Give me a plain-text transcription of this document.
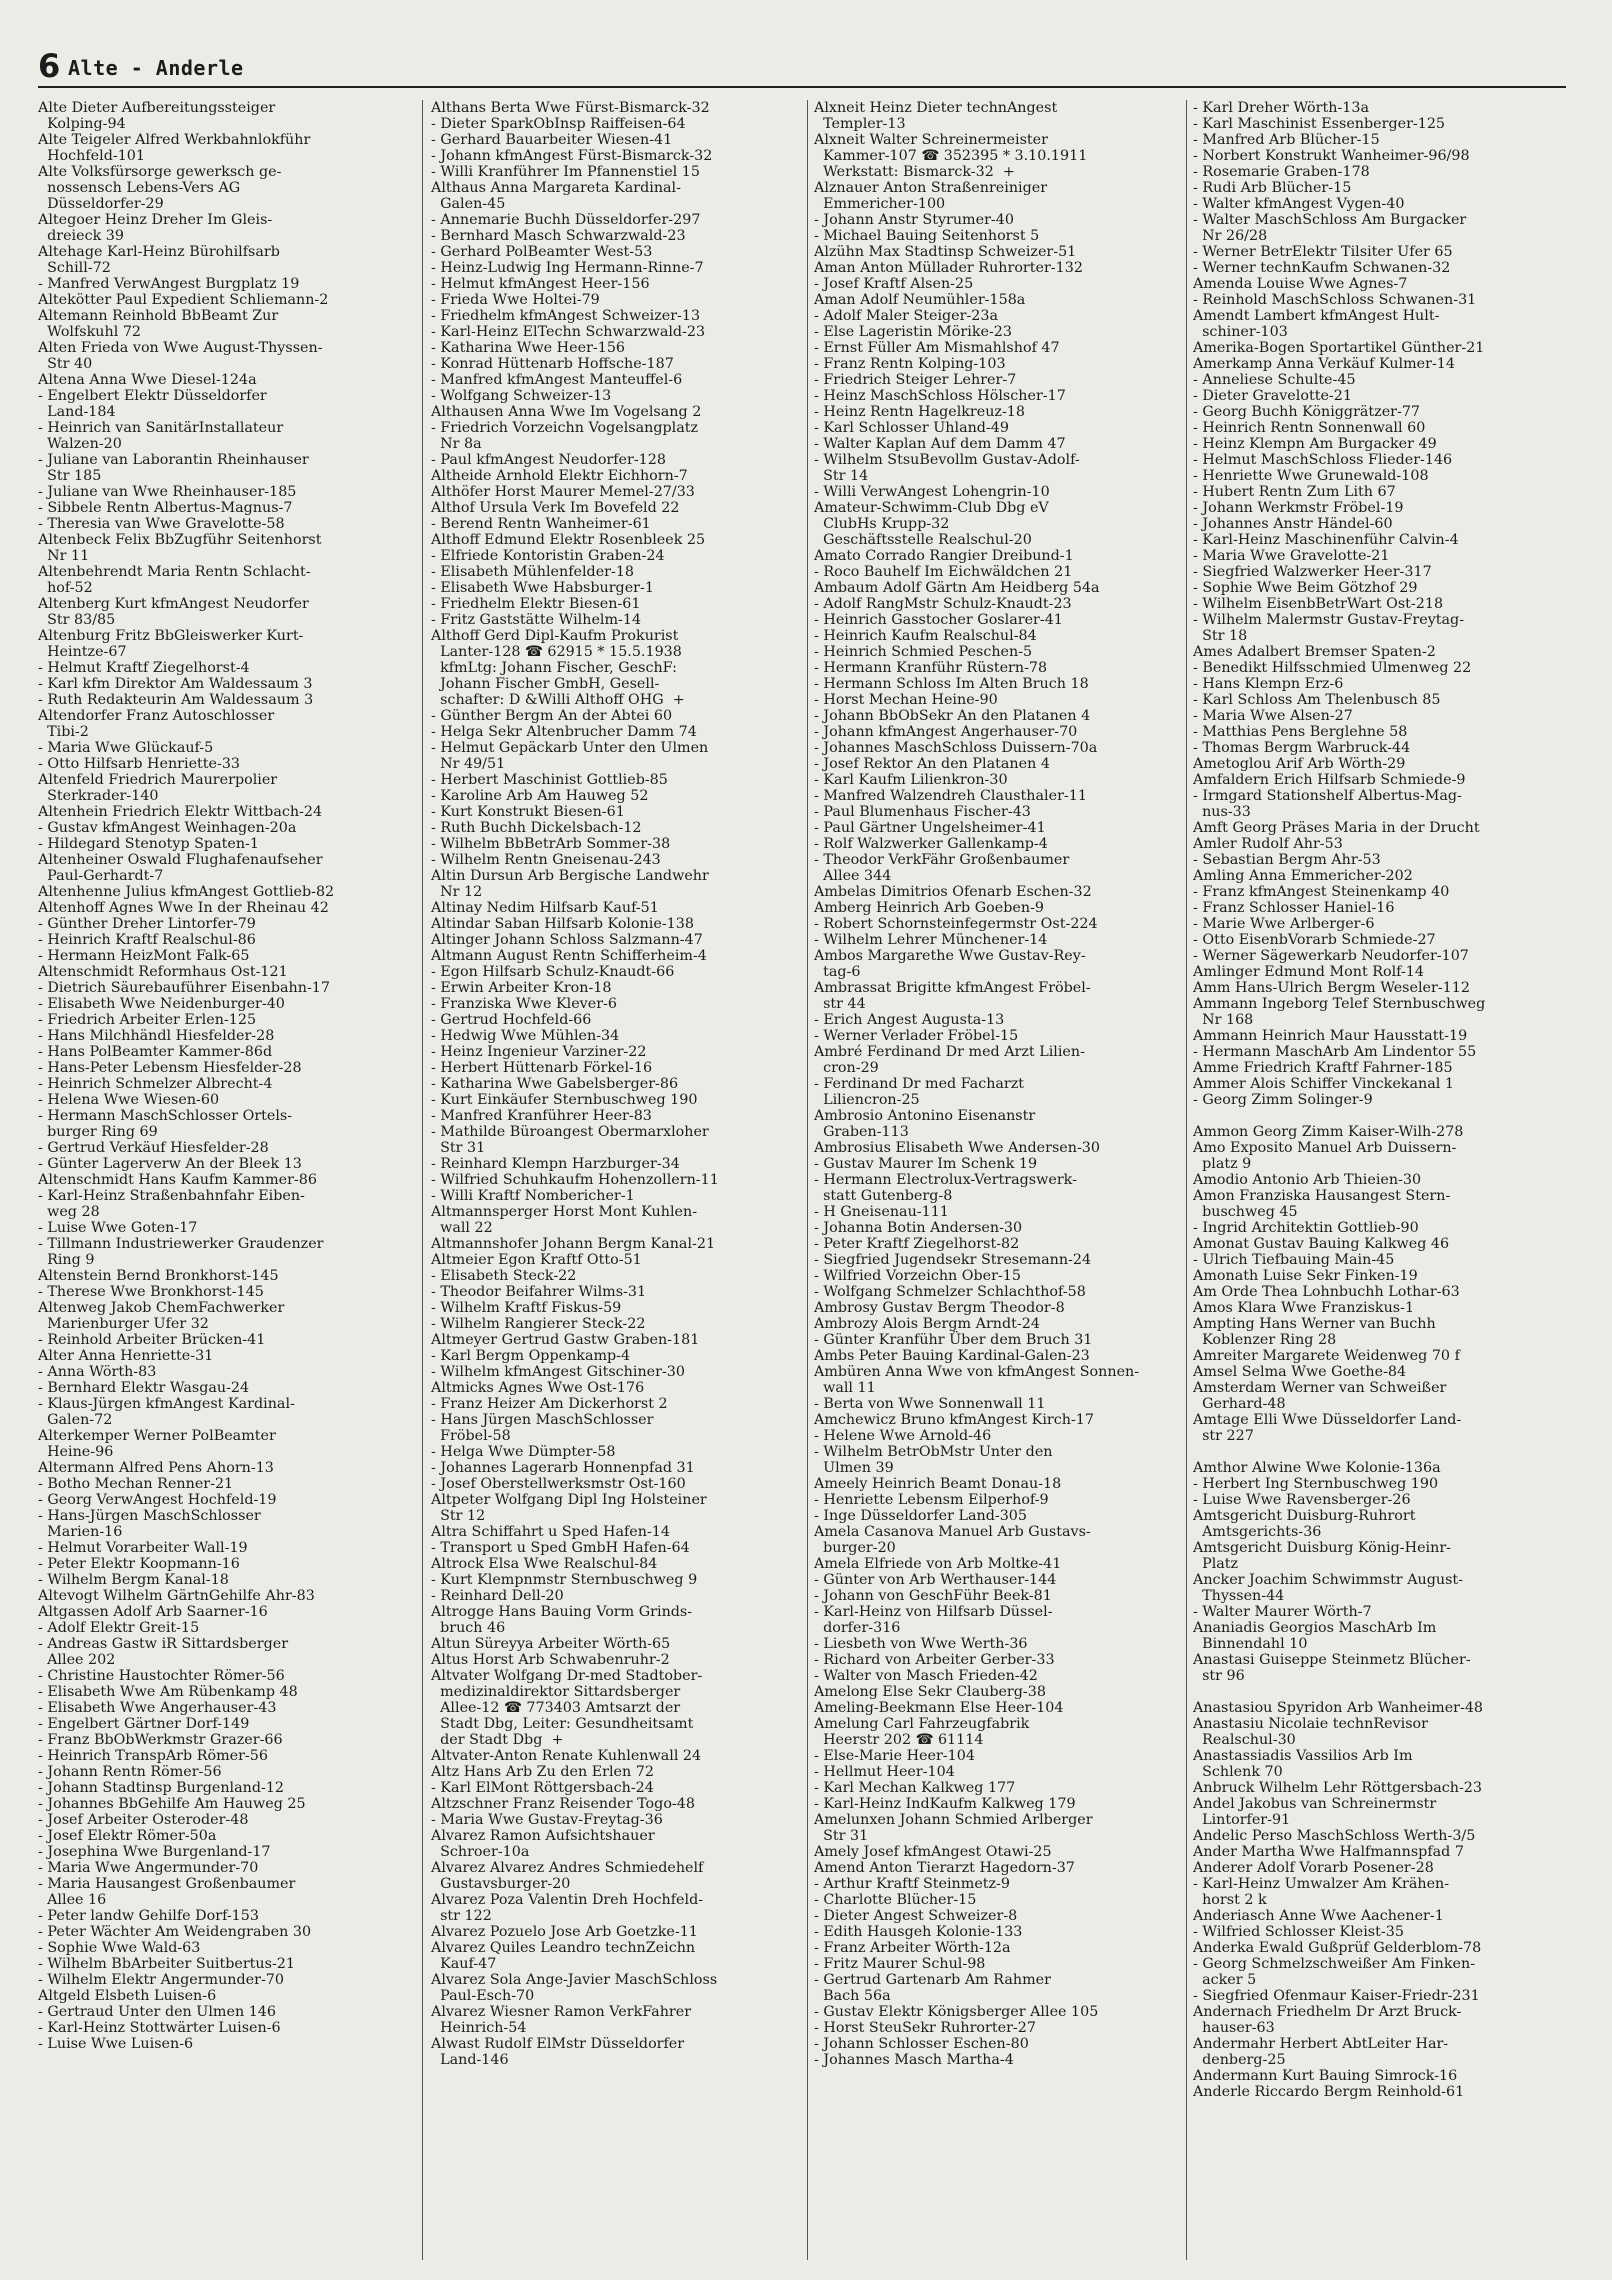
6 Alte - Anderle

Alte Dieter Aufbereitungssteiger
Kolping-94

Alte Teigeler Alfred Werkbahnlokführ
Hochfeld-101

Alte Volksfürsorge gewerksch ge-
nossensch Lebens-Vers AG
Düsseldorfer-29

Altegoer Heinz Dreher Im Gleis-
dreieck 39

Altehage Karl-Heinz Bürohilfsarb
Schill-72

- Manfred VerwAngest Burgplatz 19

Altekötter Paul Expedient Schliemann-2

Altemann Reinhold BbBeamt Zur
Wolfskuhl 72

Alten Frieda von Wwe August-Thyssen-
Str 40

Altena Anna Wwe Diesel-124a

- Engelbert Elektr Düsseldorfer
Land-184

- Heinrich van SanitärInstallateur
Walzen-20

- Juliane van Laborantin Rheinhauser
Str 185

- Juliane van Wwe Rheinhauser-185

- Sibbele Rentn Albertus-Magnus-7

- Theresia van Wwe Gravelotte-58

Altenbeck Felix BbZugführ Seitenhorst
Nr 11

Altenbehrendt Maria Rentn Schlacht-
hof-52

Altenberg Kurt kfmAngest Neudorfer
Str 83/85

Altenburg Fritz BbGleiswerker Kurt-
Heintze-67

- Helmut Kraftf Ziegelhorst-4

- Karl kfm Direktor Am Waldessaum 3

- Ruth Redakteurin Am Waldessaum 3

Altendorfer Franz Autoschlosser
Tibi-2

- Maria Wwe Glückauf-5

- Otto Hilfsarb Henriette-33

Altenfeld Friedrich Maurerpolier
Sterkrader-140

Altenhein Friedrich Elektr Wittbach-24

- Gustav kfmAngest Weinhagen-20a

- Hildegard Stenotyp Spaten-1

Altenheiner Oswald Flughafenaufseher
Paul-Gerhardt-7

Altenhenne Julius kfmAngest Gottlieb-82

Altenhoff Agnes Wwe In der Rheinau 42

- Günther Dreher Lintorfer-79

- Heinrich Kraftf Realschul-86

- Hermann HeizMont Falk-65

Altenschmidt Reformhaus Ost-121

- Dietrich Säurebauführer Eisenbahn-17

- Elisabeth Wwe Neidenburger-40

- Friedrich Arbeiter Erlen-125

- Hans Milchhändl Hiesfelder-28

- Hans PolBeamter Kammer-86d

- Hans-Peter Lebensm Hiesfelder-28

- Heinrich Schmelzer Albrecht-4

- Helena Wwe Wiesen-60

- Hermann MaschSchlosser Ortels-
burger Ring 69

- Gertrud Verkäuf Hiesfelder-28

- Günter Lagerverw An der Bleek 13

Altenschmidt Hans Kaufm Kammer-86

- Karl-Heinz Straßenbahnfahr Eiben-
weg 28

- Luise Wwe Goten-17

- Tillmann Industriewerker Graudenzer
Ring 9

Altenstein Bernd Bronkhorst-145

- Therese Wwe Bronkhorst-145

Altenweg Jakob ChemFachwerker
Marienburger Ufer 32

- Reinhold Arbeiter Brücken-41

Alter Anna Henriette-31

- Anna Wörth-83

- Bernhard Elektr Wasgau-24

- Klaus-Jürgen kfmAngest Kardinal-
Galen-72

Alterkemper Werner PolBeamter
Heine-96

Altermann Alfred Pens Ahorn-13

- Botho Mechan Renner-21

- Georg VerwAngest Hochfeld-19

- Hans-Jürgen MaschSchlosser
Marien-16

- Helmut Vorarbeiter Wall-19

- Peter Elektr Koopmann-16

- Wilhelm Bergm Kanal-18

Altevogt Wilhelm GärtnGehilfe Ahr-83

Altgassen Adolf Arb Saarner-16

- Adolf Elektr Greit-15

- Andreas Gastw iR Sittardsberger
Allee 202

- Christine Haustochter Römer-56

- Elisabeth Wwe Am Rübenkamp 48

- Elisabeth Wwe Angerhauser-43

- Engelbert Gärtner Dorf-149

- Franz BbObWerkmstr Grazer-66

- Heinrich TranspArb Römer-56

- Johann Rentn Römer-56

- Johann Stadtinsp Burgenland-12

- Johannes BbGehilfe Am Hauweg 25

- Josef Arbeiter Osteroder-48

- Josef Elektr Römer-50a

- Josephina Wwe Burgenland-17

- Maria Wwe Angermunder-70

- Maria Hausangest Großenbaumer
Allee 16

- Peter landw Gehilfe Dorf-153

- Peter Wächter Am Weidengraben 30

- Sophie Wwe Wald-63

- Wilhelm BbArbeiter Suitbertus-21

- Wilhelm Elektr Angermunder-70

Altgeld Elsbeth Luisen-6

- Gertraud Unter den Ulmen 146

- Karl-Heinz Stottwärter Luisen-6

- Luise Wwe Luisen-6

Althans Berta Wwe Fürst-Bismarck-32

- Dieter SparkObInsp Raiffeisen-64

- Gerhard Bauarbeiter Wiesen-41

- Johann kfmAngest Fürst-Bismarck-32

- Willi Kranführer Im Pfannenstiel 15

Althaus Anna Margareta Kardinal-
Galen-45

- Annemarie Buchh Düsseldorfer-297

- Bernhard Masch Schwarzwald-23

- Gerhard PolBeamter West-53

- Heinz-Ludwig Ing Hermann-Rinne-7

- Helmut kfmAngest Heer-156

- Frieda Wwe Holtei-79

- Friedhelm kfmAngest Schweizer-13

- Karl-Heinz ElTechn Schwarzwald-23

- Katharina Wwe Heer-156

- Konrad Hüttenarb Hoffsche-187

- Manfred kfmAngest Manteuffel-6

- Wolfgang Schweizer-13

Althausen Anna Wwe Im Vogelsang 2

- Friedrich Vorzeichn Vogelsangplatz
Nr 8a

- Paul kfmAngest Neudorfer-128

Altheide Arnhold Elektr Eichhorn-7

Althöfer Horst Maurer Memel-27/33

Althof Ursula Verk Im Bovefeld 22

- Berend Rentn Wanheimer-61

Althoff Edmund Elektr Rosenbleek 25

- Elfriede Kontoristin Graben-24

- Elisabeth Mühlenfelder-18

- Elisabeth Wwe Habsburger-1

- Friedhelm Elektr Biesen-61

- Fritz Gaststätte Wilhelm-14

Althoff Gerd Dipl-Kaufm Prokurist
Lanter-128 ☎ 62915 * 15.5.1938
kfmLtg: Johann Fischer, GeschF:
Johann Fischer GmbH, Gesell-
schafter: D &Willi Althoff OHG  +

- Günther Bergm An der Abtei 60

- Helga Sekr Altenbrucher Damm 74

- Helmut Gepäckarb Unter den Ulmen
Nr 49/51

- Herbert Maschinist Gottlieb-85

- Karoline Arb Am Hauweg 52

- Kurt Konstrukt Biesen-61

- Ruth Buchh Dickelsbach-12

- Wilhelm BbBetrArb Sommer-38

- Wilhelm Rentn Gneisenau-243

Altin Dursun Arb Bergische Landwehr
Nr 12

Altinay Nedim Hilfsarb Kauf-51

Altindar Saban Hilfsarb Kolonie-138

Altinger Johann Schloss Salzmann-47

Altmann August Rentn Schifferheim-4

- Egon Hilfsarb Schulz-Knaudt-66

- Erwin Arbeiter Kron-18

- Franziska Wwe Klever-6

- Gertrud Hochfeld-66

- Hedwig Wwe Mühlen-34

- Heinz Ingenieur Varziner-22

- Herbert Hüttenarb Förkel-16

- Katharina Wwe Gabelsberger-86

- Kurt Einkäufer Sternbuschweg 190

- Manfred Kranführer Heer-83

- Mathilde Büroangest Obermarxloher
Str 31

- Reinhard Klempn Harzburger-34

- Wilfried Schuhkaufm Hohenzollern-11

- Willi Kraftf Nombericher-1

Altmannsperger Horst Mont Kuhlen-
wall 22

Altmannshofer Johann Bergm Kanal-21

Altmeier Egon Kraftf Otto-51

- Elisabeth Steck-22

- Theodor Beifahrer Wilms-31

- Wilhelm Kraftf Fiskus-59

- Wilhelm Rangierer Steck-22

Altmeyer Gertrud Gastw Graben-181

- Karl Bergm Oppenkamp-4

- Wilhelm kfmAngest Gitschiner-30

Altmicks Agnes Wwe Ost-176

- Franz Heizer Am Dickerhorst 2

- Hans Jürgen MaschSchlosser
Fröbel-58

- Helga Wwe Dümpter-58

- Johannes Lagerarb Honnenpfad 31

- Josef Oberstellwerksmstr Ost-160

Altpeter Wolfgang Dipl Ing Holsteiner
Str 12

Altra Schiffahrt u Sped Hafen-14

- Transport u Sped GmbH Hafen-64

Altrock Elsa Wwe Realschul-84

- Kurt Klempnmstr Sternbuschweg 9

- Reinhard Dell-20

Altrogge Hans Bauing Vorm Grinds-
bruch 46

Altun Süreyya Arbeiter Wörth-65

Altus Horst Arb Schwabenruhr-2

Altvater Wolfgang Dr-med Stadtober-
medizinaldirektor Sittardsberger
Allee-12 ☎ 773403 Amtsarzt der
Stadt Dbg, Leiter: Gesundheitsamt
der Stadt Dbg  +

Altvater-Anton Renate Kuhlenwall 24

Altz Hans Arb Zu den Erlen 72

- Karl ElMont Röttgersbach-24

Altzschner Franz Reisender Togo-48

- Maria Wwe Gustav-Freytag-36

Alvarez Ramon Aufsichtshauer
Schroer-10a

Alvarez Alvarez Andres Schmiedehelf
Gustavsburger-20

Alvarez Poza Valentin Dreh Hochfeld-
str 122

Alvarez Pozuelo Jose Arb Goetzke-11

Alvarez Quiles Leandro technZeichn
Kauf-47

Alvarez Sola Ange-Javier MaschSchloss
Paul-Esch-70

Alvarez Wiesner Ramon VerkFahrer
Heinrich-54

Alwast Rudolf ElMstr Düsseldorfer
Land-146

Alxneit Heinz Dieter technAngest
Templer-13

Alxneit Walter Schreinermeister
Kammer-107 ☎ 352395 * 3.10.1911
Werkstatt: Bismarck-32  +

Alznauer Anton Straßenreiniger
Emmericher-100

- Johann Anstr Styrumer-40

- Michael Bauing Seitenhorst 5

Alzühn Max Stadtinsp Schweizer-51

Aman Anton Müllader Ruhrorter-132

- Josef Kraftf Alsen-25

Aman Adolf Neumühler-158a

- Adolf Maler Steiger-23a

- Else Lageristin Mörike-23

- Ernst Füller Am Mismahlshof 47

- Franz Rentn Kolping-103

- Friedrich Steiger Lehrer-7

- Heinz MaschSchloss Hölscher-17

- Heinz Rentn Hagelkreuz-18

- Karl Schlosser Uhland-49

- Walter Kaplan Auf dem Damm 47

- Wilhelm StsuBevollm Gustav-Adolf-
Str 14

- Willi VerwAngest Lohengrin-10

Amateur-Schwimm-Club Dbg eV
ClubHs Krupp-32
Geschäftsstelle Realschul-20

Amato Corrado Rangier Dreibund-1

- Roco Bauhelf Im Eichwäldchen 21

Ambaum Adolf Gärtn Am Heidberg 54a

- Adolf RangMstr Schulz-Knaudt-23

- Heinrich Gasstocher Goslarer-41

- Heinrich Kaufm Realschul-84

- Heinrich Schmied Peschen-5

- Hermann Kranführ Rüstern-78

- Hermann Schloss Im Alten Bruch 18

- Horst Mechan Heine-90

- Johann BbObSekr An den Platanen 4

- Johann kfmAngest Angerhauser-70

- Johannes MaschSchloss Duissern-70a

- Josef Rektor An den Platanen 4

- Karl Kaufm Lilienkron-30

- Manfred Walzendreh Clausthaler-11

- Paul Blumenhaus Fischer-43

- Paul Gärtner Ungelsheimer-41

- Rolf Walzwerker Gallenkamp-4

- Theodor VerkFähr Großenbaumer
Allee 344

Ambelas Dimitrios Ofenarb Eschen-32

Amberg Heinrich Arb Goeben-9

- Robert Schornsteinfegermstr Ost-224

- Wilhelm Lehrer Münchener-14

Ambos Margarethe Wwe Gustav-Rey-
tag-6

Ambrassat Brigitte kfmAngest Fröbel-
str 44

- Erich Angest Augusta-13

- Werner Verlader Fröbel-15

Ambré Ferdinand Dr med Arzt Lilien-
cron-29

- Ferdinand Dr med Facharzt
Liliencron-25

Ambrosio Antonino Eisenanstr
Graben-113

Ambrosius Elisabeth Wwe Andersen-30

- Gustav Maurer Im Schenk 19

- Hermann Electrolux-Vertragswerk-
statt Gutenberg-8

- H Gneisenau-111

- Johanna Botin Andersen-30

- Peter Kraftf Ziegelhorst-82

- Siegfried Jugendsekr Stresemann-24

- Wilfried Vorzeichn Ober-15

- Wolfgang Schmelzer Schlachthof-58

Ambrosy Gustav Bergm Theodor-8

Ambrozy Alois Bergm Arndt-24

- Günter Kranführ Über dem Bruch 31

Ambs Peter Bauing Kardinal-Galen-23

Ambüren Anna Wwe von kfmAngest Sonnen-
wall 11

- Berta von Wwe Sonnenwall 11

Amchewicz Bruno kfmAngest Kirch-17

- Helene Wwe Arnold-46

- Wilhelm BetrObMstr Unter den
Ulmen 39

Ameely Heinrich Beamt Donau-18

- Henriette Lebensm Eilperhof-9

- Inge Düsseldorfer Land-305

Amela Casanova Manuel Arb Gustavs-
burger-20

Amela Elfriede von Arb Moltke-41

- Günter von Arb Werthauser-144

- Johann von GeschFühr Beek-81

- Karl-Heinz von Hilfsarb Düssel-
dorfer-316

- Liesbeth von Wwe Werth-36

- Richard von Arbeiter Gerber-33

- Walter von Masch Frieden-42

Amelong Else Sekr Clauberg-38

Ameling-Beekmann Else Heer-104

Amelung Carl Fahrzeugfabrik
Heerstr 202 ☎ 61114

- Else-Marie Heer-104

- Hellmut Heer-104

- Karl Mechan Kalkweg 177

- Karl-Heinz IndKaufm Kalkweg 179

Amelunxen Johann Schmied Arlberger
Str 31

Amely Josef kfmAngest Otawi-25

Amend Anton Tierarzt Hagedorn-37

- Arthur Kraftf Steinmetz-9

- Charlotte Blücher-15

- Dieter Angest Schweizer-8

- Edith Hausgeh Kolonie-133

- Franz Arbeiter Wörth-12a

- Fritz Maurer Schul-98

- Gertrud Gartenarb Am Rahmer
Bach 56a

- Gustav Elektr Königsberger Allee 105

- Horst SteuSekr Ruhrorter-27

- Johann Schlosser Eschen-80

- Johannes Masch Martha-4

- Karl Dreher Wörth-13a

- Karl Maschinist Essenberger-125

- Manfred Arb Blücher-15

- Norbert Konstrukt Wanheimer-96/98

- Rosemarie Graben-178

- Rudi Arb Blücher-15

- Walter kfmAngest Vygen-40

- Walter MaschSchloss Am Burgacker
Nr 26/28

- Werner BetrElektr Tilsiter Ufer 65

- Werner technKaufm Schwanen-32

Amenda Louise Wwe Agnes-7

- Reinhold MaschSchloss Schwanen-31

Amendt Lambert kfmAngest Hult-
schiner-103

Amerika-Bogen Sportartikel Günther-21

Amerkamp Anna Verkäuf Kulmer-14

- Anneliese Schulte-45

- Dieter Gravelotte-21

- Georg Buchh Königgrätzer-77

- Heinrich Rentn Sonnenwall 60

- Heinz Klempn Am Burgacker 49

- Helmut MaschSchloss Flieder-146

- Henriette Wwe Grunewald-108

- Hubert Rentn Zum Lith 67

- Johann Werkmstr Fröbel-19

- Johannes Anstr Händel-60

- Karl-Heinz Maschinenführ Calvin-4

- Maria Wwe Gravelotte-21

- Siegfried Walzwerker Heer-317

- Sophie Wwe Beim Götzhof 29

- Wilhelm EisenbBetrWart Ost-218

- Wilhelm Malermstr Gustav-Freytag-
Str 18

Ames Adalbert Bremser Spaten-2

- Benedikt Hilfsschmied Ulmenweg 22

- Hans Klempn Erz-6

- Karl Schloss Am Thelenbusch 85

- Maria Wwe Alsen-27

- Matthias Pens Berglehne 58

- Thomas Bergm Warbruck-44

Ametoglou Arif Arb Wörth-29

Amfaldern Erich Hilfsarb Schmiede-9

- Irmgard Stationshelf Albertus-Mag-
nus-33

Amft Georg Präses Maria in der Drucht

Amler Rudolf Ahr-53

- Sebastian Bergm Ahr-53

Amling Anna Emmericher-202

- Franz kfmAngest Steinenkamp 40

- Franz Schlosser Haniel-16

- Marie Wwe Arlberger-6

- Otto EisenbVorarb Schmiede-27

- Werner Sägewerkarb Neudorfer-107

Amlinger Edmund Mont Rolf-14

Amm Hans-Ulrich Bergm Weseler-112

Ammann Ingeborg Telef Sternbuschweg
Nr 168

Ammann Heinrich Maur Hausstatt-19

- Hermann MaschArb Am Lindentor 55

Amme Friedrich Kraftf Fahrner-185

Ammer Alois Schiffer Vinckekanal 1

- Georg Zimm Solinger-9

Ammon Georg Zimm Kaiser-Wilh-278

Amo Exposito Manuel Arb Duissern-
platz 9

Amodio Antonio Arb Thieien-30

Amon Franziska Hausangest Stern-
buschweg 45

- Ingrid Architektin Gottlieb-90

Amonat Gustav Bauing Kalkweg 46

- Ulrich Tiefbauing Main-45

Amonath Luise Sekr Finken-19

Am Orde Thea Lohnbuchh Lothar-63

Amos Klara Wwe Franziskus-1

Ampting Hans Werner van Buchh
Koblenzer Ring 28

Amreiter Margarete Weidenweg 70 f

Amsel Selma Wwe Goethe-84

Amsterdam Werner van Schweißer
Gerhard-48

Amtage Elli Wwe Düsseldorfer Land-
str 227

Amthor Alwine Wwe Kolonie-136a

- Herbert Ing Sternbuschweg 190

- Luise Wwe Ravensberger-26

Amtsgericht Duisburg-Ruhrort
Amtsgerichts-36

Amtsgericht Duisburg König-Heinr-
Platz

Ancker Joachim Schwimmstr August-
Thyssen-44

- Walter Maurer Wörth-7

Ananiadis Georgios MaschArb Im
Binnendahl 10

Anastasi Guiseppe Steinmetz Blücher-
str 96

Anastasiou Spyridon Arb Wanheimer-48

Anastasiu Nicolaie technRevisor
Realschul-30

Anastassiadis Vassilios Arb Im
Schlenk 70

Anbruck Wilhelm Lehr Röttgersbach-23

Andel Jakobus van Schreinermstr
Lintorfer-91

Andelic Perso MaschSchloss Werth-3/5

Ander Martha Wwe Halfmannspfad 7

Anderer Adolf Vorarb Posener-28

- Karl-Heinz Umwalzer Am Krähen-
horst 2 k

Anderiasch Anne Wwe Aachener-1

- Wilfried Schlosser Kleist-35

Anderka Ewald Gußprüf Gelderblom-78

- Georg Schmelzschweißer Am Finken-
acker 5

- Siegfried Ofenmaur Kaiser-Friedr-231

Andernach Friedhelm Dr Arzt Bruck-
hauser-63

Andermahr Herbert AbtLeiter Har-
denberg-25

Andermann Kurt Bauing Simrock-16

Anderle Riccardo Bergm Reinhold-61
